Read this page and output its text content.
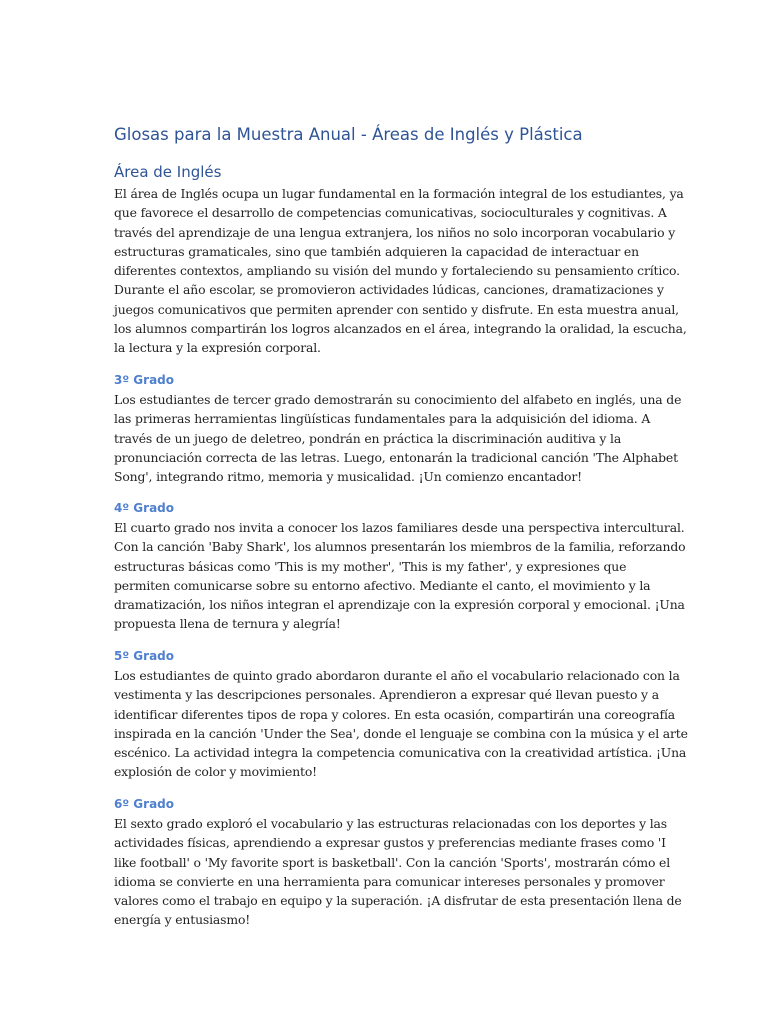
Glosas para la Muestra Anual - Áreas de Inglés y Plástica
Área de Inglés
El área de Inglés ocupa un lugar fundamental en la formación integral de los estudiantes, ya
que favorece el desarrollo de competencias comunicativas, socioculturales y cognitivas. A
través del aprendizaje de una lengua extranjera, los niños no solo incorporan vocabulario y
estructuras gramaticales, sino que también adquieren la capacidad de interactuar en
diferentes contextos, ampliando su visión del mundo y fortaleciendo su pensamiento crítico.
Durante el año escolar, se promovieron actividades lúdicas, canciones, dramatizaciones y
juegos comunicativos que permiten aprender con sentido y disfrute. En esta muestra anual,
los alumnos compartirán los logros alcanzados en el área, integrando la oralidad, la escucha,
la lectura y la expresión corporal.
3º Grado
Los estudiantes de tercer grado demostrarán su conocimiento del alfabeto en inglés, una de
las primeras herramientas lingüísticas fundamentales para la adquisición del idioma. A
través de un juego de deletreo, pondrán en práctica la discriminación auditiva y la
pronunciación correcta de las letras. Luego, entonarán la tradicional canción 'The Alphabet
Song', integrando ritmo, memoria y musicalidad. ¡Un comienzo encantador!
4º Grado
El cuarto grado nos invita a conocer los lazos familiares desde una perspectiva intercultural.
Con la canción 'Baby Shark', los alumnos presentarán los miembros de la familia, reforzando
estructuras básicas como 'This is my mother', 'This is my father', y expresiones que
permiten comunicarse sobre su entorno afectivo. Mediante el canto, el movimiento y la
dramatización, los niños integran el aprendizaje con la expresión corporal y emocional. ¡Una
propuesta llena de ternura y alegría!
5º Grado
Los estudiantes de quinto grado abordaron durante el año el vocabulario relacionado con la
vestimenta y las descripciones personales. Aprendieron a expresar qué llevan puesto y a
identificar diferentes tipos de ropa y colores. En esta ocasión, compartirán una coreografía
inspirada en la canción 'Under the Sea', donde el lenguaje se combina con la música y el arte
escénico. La actividad integra la competencia comunicativa con la creatividad artística. ¡Una
explosión de color y movimiento!
6º Grado
El sexto grado exploró el vocabulario y las estructuras relacionadas con los deportes y las
actividades físicas, aprendiendo a expresar gustos y preferencias mediante frases como 'I
like football' o 'My favorite sport is basketball'. Con la canción 'Sports', mostrarán cómo el
idioma se convierte en una herramienta para comunicar intereses personales y promover
valores como el trabajo en equipo y la superación. ¡A disfrutar de esta presentación llena de
energía y entusiasmo!
